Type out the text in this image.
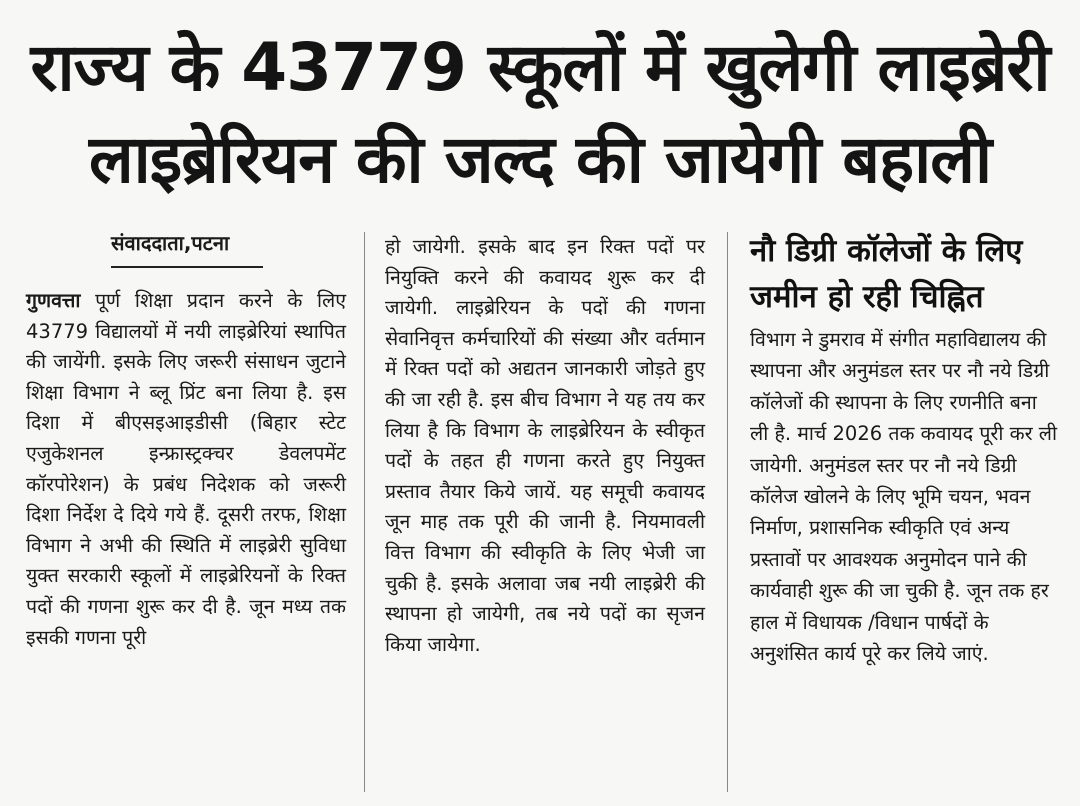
राज्य के 43779 स्कूलों में खुलेगी लाइब्रेरी
लाइब्रेरियन की जल्द की जायेगी बहाली
संवाददाता,पटना

गुणवत्ता पूर्ण शिक्षा प्रदान करने के लिए 43779 विद्यालयों में नयी लाइब्रेरियां स्थापित की जायेंगी. इसके लिए जरूरी संसाधन जुटाने शिक्षा विभाग ने ब्लू प्रिंट बना लिया है. इस दिशा में बीएसइआइडीसी (बिहार स्टेट एजुकेशनल इन्फ्रास्ट्रक्चर डेवलपमेंट कॉरपोरेशन) के प्रबंध निदेशक को जरूरी दिशा निर्देश दे दिये गये हैं. दूसरी तरफ, शिक्षा विभाग ने अभी की स्थिति में लाइब्रेरी सुविधा युक्त सरकारी स्कूलों में लाइब्रेरियनों के रिक्त पदों की गणना शुरू कर दी है. जून मध्य तक इसकी गणना पूरी

हो जायेगी. इसके बाद इन रिक्त पदों पर नियुक्ति करने की कवायद शुरू कर दी जायेगी. लाइब्रेरियन के पदों की गणना सेवानिवृत्त कर्मचारियों की संख्या और वर्तमान में रिक्त पदों को अद्यतन जानकारी जोड़ते हुए की जा रही है. इस बीच विभाग ने यह तय कर लिया है कि विभाग के लाइब्रेरियन के स्वीकृत पदों के तहत ही गणना करते हुए नियुक्त प्रस्ताव तैयार किये जायें. यह समूची कवायद जून माह तक पूरी की जानी है. नियमावली वित्त विभाग की स्वीकृति के लिए भेजी जा चुकी है. इसके अलावा जब नयी लाइब्रेरी की स्थापना हो जायेगी, तब नये पदों का सृजन किया जायेगा.

नौ डिग्री कॉलेजों के लिए जमीन हो रही चिह्नित

विभाग ने डुमराव में संगीत महाविद्यालय की स्थापना और अनुमंडल स्तर पर नौ नये डिग्री कॉलेजों की स्थापना के लिए रणनीति बना ली है. मार्च 2026 तक कवायद पूरी कर ली जायेगी. अनुमंडल स्तर पर नौ नये डिग्री कॉलेज खोलने के लिए भूमि चयन, भवन निर्माण, प्रशासनिक स्वीकृति एवं अन्य प्रस्तावों पर आवश्यक अनुमोदन पाने की कार्यवाही शुरू की जा चुकी है. जून तक हर हाल में विधायक /विधान पार्षदों के अनुशंसित कार्य पूरे कर लिये जाएं.
